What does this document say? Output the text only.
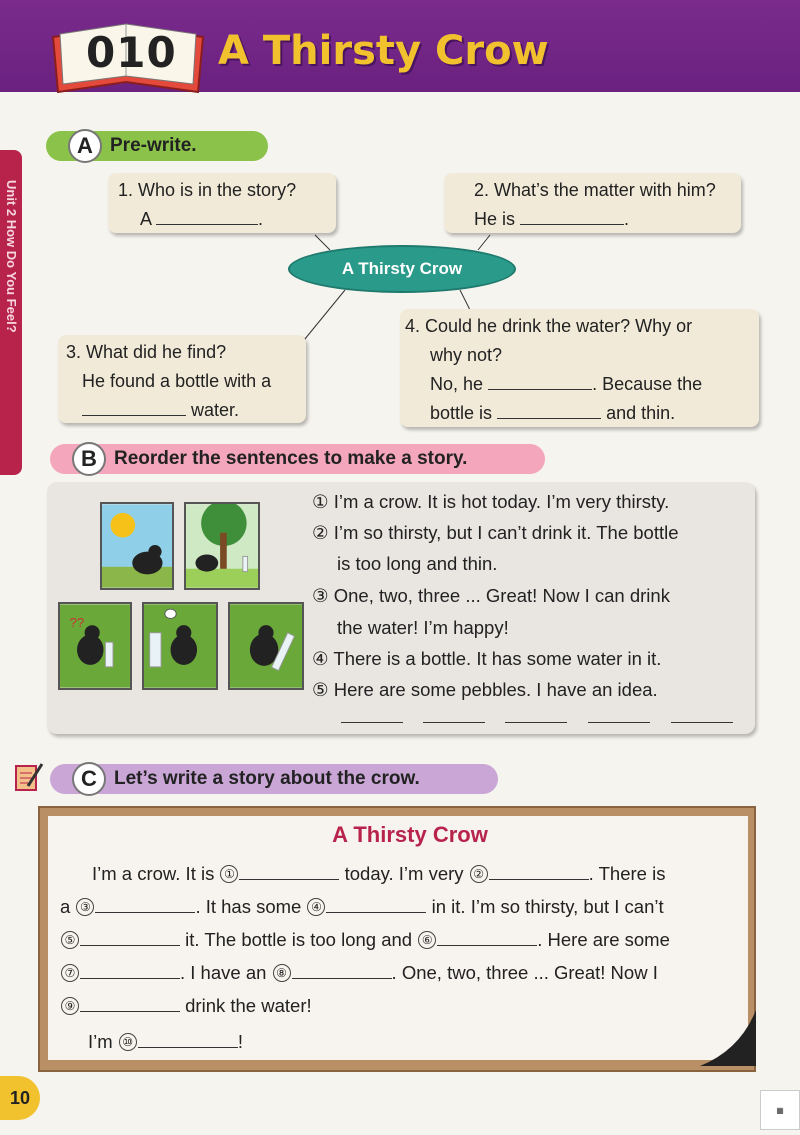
010 A Thirsty Crow
Unit 2 How Do You Feel?
A Pre-write.
1. Who is in the story?
A	.
2. What’s the matter with him?
He is	.
A Thirsty Crow
3. What did he find?
He found a bottle with a
water.
4. Could he drink the water? Why or
why not?
No, he	. Because the
bottle is	and thin.
B Reorder the sentences to make a story.
??
① I’m a crow. It is hot today. I’m very thirsty.
② I’m so thirsty, but I can’t drink it. The bottle
is too long and thin.
③ One, two, three ... Great! Now I can drink
the water! I’m happy!
④ There is a bottle. It has some water in it.
⑤ Here are some pebbles. I have an idea.
C Let’s write a story about the crow.
A Thirsty Crow
I’m a crow. It is ①	today. I’m very ②	. There is
a ③	. It has some ④	in it. I’m so thirsty, but I can’t
⑤	it. The bottle is too long and ⑥	. Here are some
⑦	. I have an ⑧	. One, two, three ... Great! Now I
⑨	drink the water!
I’m ⑩	!
10
▦
